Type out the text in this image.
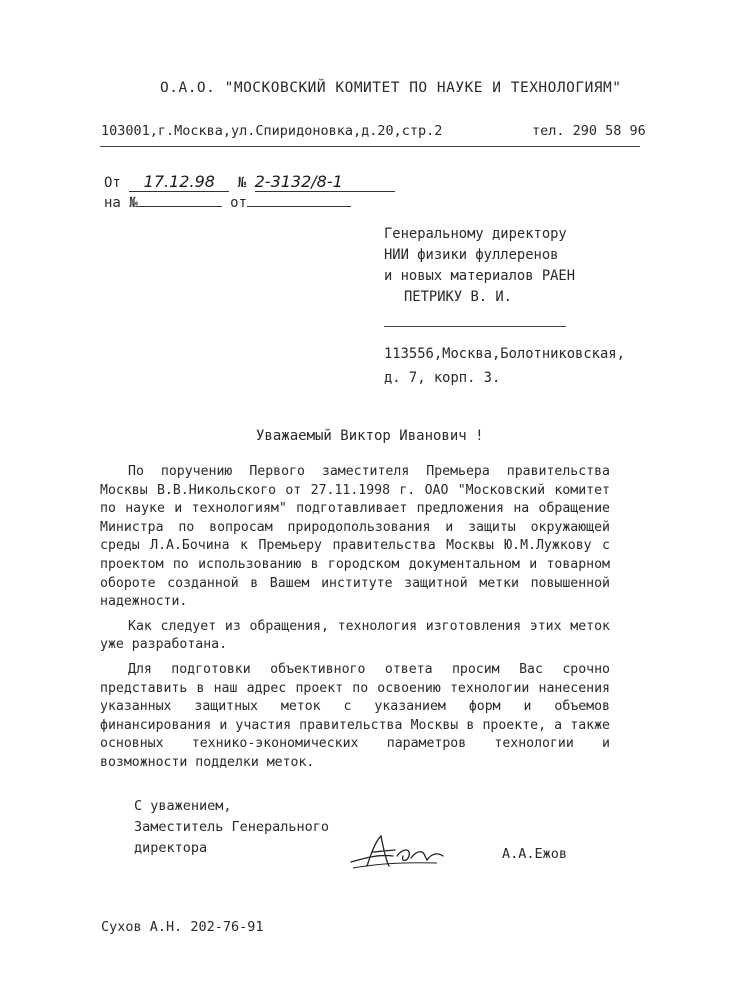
О.А.О. "МОСКОВСКИЙ КОМИТЕТ ПО НАУКЕ И ТЕХНОЛОГИЯМ"
103001,г.Москва,ул.Спиридоновка,д.20,стр.2	тел. 290 58 96
От 17.12.98 № 2-3132/8-1
на №	от
Генеральному директору
НИИ физики фуллеренов
и новых материалов РАЕН
ПЕТРИКУ В. И.
113556,Москва,Болотниковская,
д. 7, корп. 3.
Уважаемый Виктор Иванович !

По поручению Первого заместителя Премьера правительства Москвы В.В.Никольского от 27.11.1998 г. ОАО "Московский комитет по науке и технологиям" подготавливает предложения на обращение Министра по вопросам природопользования и защиты окружающей среды Л.А.Бочина к Премьеру правительства Москвы Ю.М.Лужкову с проектом по использованию в городском документальном и товарном обороте созданной в Вашем институте защитной метки повышенной надежности.

Как следует из обращения, технология изготовления этих меток уже разработана.

Для подготовки объективного ответа просим Вас срочно представить в наш адрес проект по освоению технологии нанесения указанных защитных меток с указанием форм и объемов финансирования и участия правительства Москвы в проекте, а также основных технико-экономических параметров технологии и возможности подделки меток.

С уважением,
Заместитель Генерального
директора	А.А.Ежов
Сухов А.Н. 202-76-91
